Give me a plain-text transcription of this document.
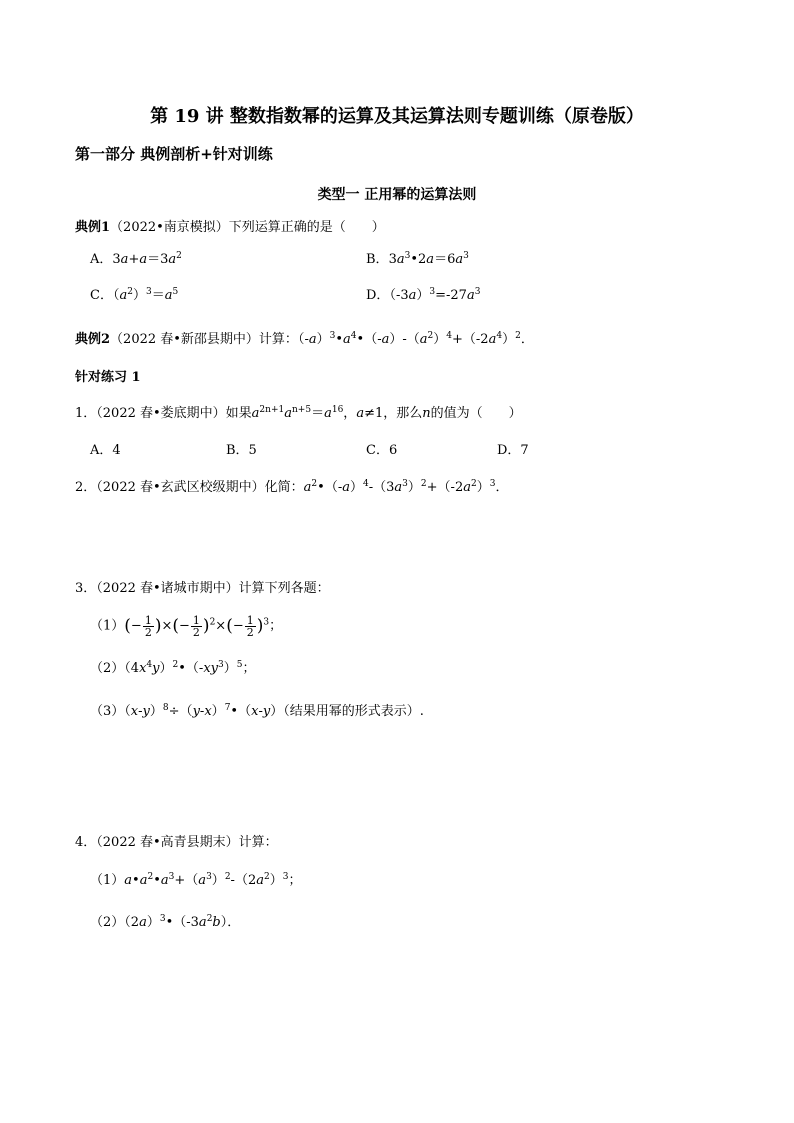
第 19 讲 整数指数幂的运算及其运算法则专题训练（原卷版）
第一部分 典例剖析+针对训练
类型一 正用幂的运算法则
典例1（2022•南京模拟）下列运算正确的是（　　）
A．$3a+a=3a^2$	B．$3a^3•2a=6a^3$
C．$(a^2)^3=a^5$	D．$(-3a)^3=-27a^3$
典例2（2022 春•新邵县期中）计算：$(-a)^3•a^4•(-a)-(a^2)^4+(-2a^4)^2$．
针对练习 1
1．（2022 春•娄底期中）如果$a^{2n+1}a^{n+5}=a^{16}$，a≠1，那么n的值为（　　）
A．4	B．5	C．6	D．7
2．（2022 春•玄武区校级期中）化简：$a^2•(-a)^4-(3a^3)^2+(-2a^2)^3$．
3．（2022 春•诸城市期中）计算下列各题：
$(1)(- \frac{1}{2}$ )×(− $\frac{1}{2} )^2\times(- \frac{1}{2} )^3$；
$(2)(4x^4y)^2•(-xy^3)^5$；
$(3)(x-y)^8\div(y-x)^7•(x-y)$（结果用幂的形式表示）.
4．（2022 春•高青县期末）计算：
$(1)a•a^2•a^3+(a^3)^2-(2a^2)^3$；
$(2)(2a)^3•(-3a^2b)$．
